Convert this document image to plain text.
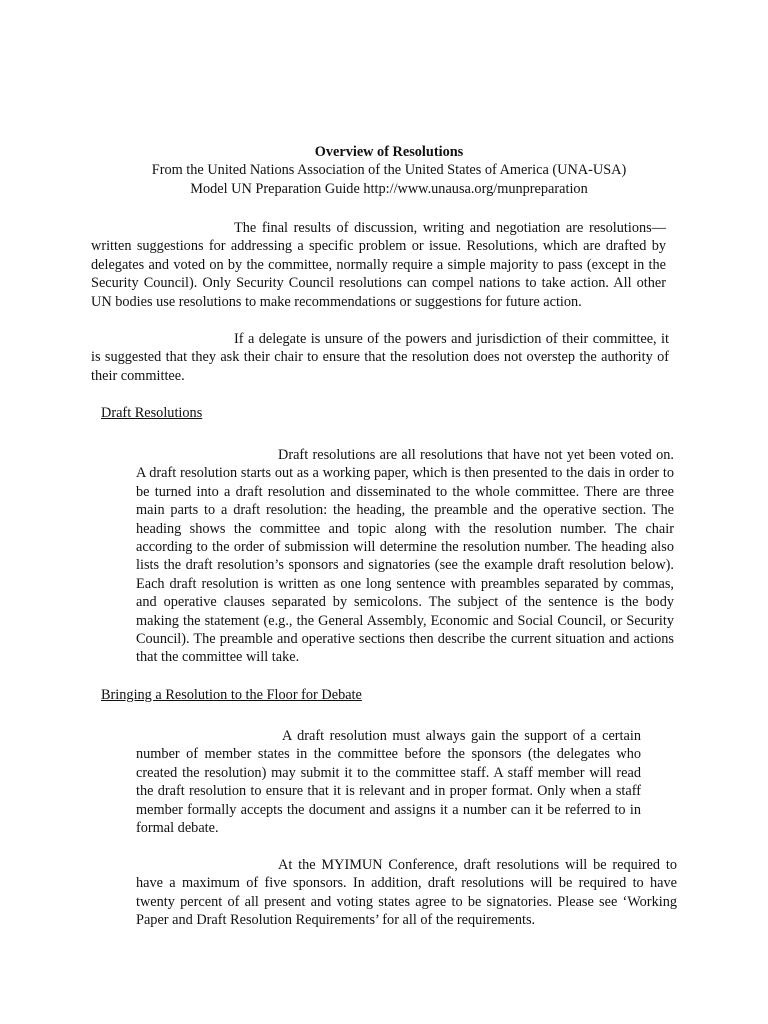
Overview of Resolutions

From the United Nations Association of the United States of America (UNA-USA)

Model UN Preparation Guide http://www.unausa.org/munpreparation

The final results of discussion, writing and negotiation are resolutions—written suggestions for addressing a specific problem or issue. Resolutions, which are drafted by delegates and voted on by the committee, normally require a simple majority to pass (except in the Security Council). Only Security Council resolutions can compel nations to take action. All other UN bodies use resolutions to make recommendations or suggestions for future action.

If a delegate is unsure of the powers and jurisdiction of their committee, it is suggested that they ask their chair to ensure that the resolution does not overstep the authority of their committee.

Draft Resolutions

Draft resolutions are all resolutions that have not yet been voted on. A draft resolution starts out as a working paper, which is then presented to the dais in order to be turned into a draft resolution and disseminated to the whole committee. There are three main parts to a draft resolution: the heading, the preamble and the operative section. The heading shows the committee and topic along with the resolution number. The chair according to the order of submission will determine the resolution number. The heading also lists the draft resolution’s sponsors and signatories (see the example draft resolution below). Each draft resolution is written as one long sentence with preambles separated by commas, and operative clauses separated by semicolons. The subject of the sentence is the body making the statement (e.g., the General Assembly, Economic and Social Council, or Security Council). The preamble and operative sections then describe the current situation and actions that the committee will take.

Bringing a Resolution to the Floor for Debate

A draft resolution must always gain the support of a certain number of member states in the committee before the sponsors (the delegates who created the resolution) may submit it to the committee staff. A staff member will read the draft resolution to ensure that it is relevant and in proper format. Only when a staff member formally accepts the document and assigns it a number can it be referred to in formal debate.

At the MYIMUN Conference, draft resolutions will be required to have a maximum of five sponsors. In addition, draft resolutions will be required to have twenty percent of all present and voting states agree to be signatories. Please see ‘Working Paper and Draft Resolution Requirements’ for all of the requirements.
